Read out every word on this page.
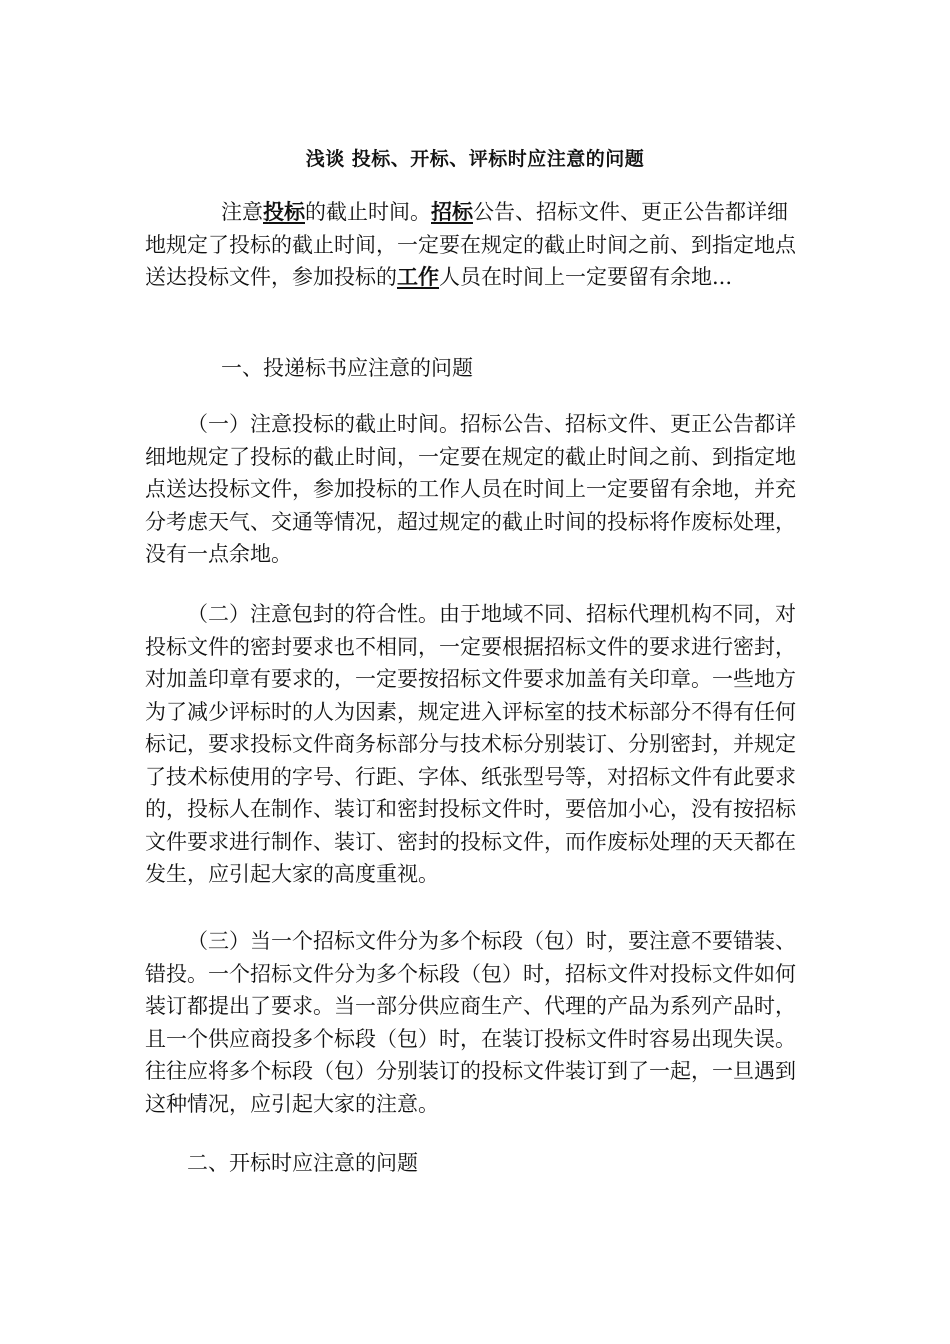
浅谈 投标、开标、评标时应注意的问题

注意投标的截止时间。招标公告、招标文件、更正公告都详细地规定了投标的截止时间，一定要在规定的截止时间之前、到指定地点送达投标文件，参加投标的工作人员在时间上一定要留有余地...

一、投递标书应注意的问题

（一）注意投标的截止时间。招标公告、招标文件、更正公告都详细地规定了投标的截止时间，一定要在规定的截止时间之前、到指定地点送达投标文件，参加投标的工作人员在时间上一定要留有余地，并充分考虑天气、交通等情况，超过规定的截止时间的投标将作废标处理，没有一点余地。

（二）注意包封的符合性。由于地域不同、招标代理机构不同，对投标文件的密封要求也不相同，一定要根据招标文件的要求进行密封，对加盖印章有要求的，一定要按招标文件要求加盖有关印章。一些地方为了减少评标时的人为因素，规定进入评标室的技术标部分不得有任何标记，要求投标文件商务标部分与技术标分别装订、分别密封，并规定了技术标使用的字号、行距、字体、纸张型号等，对招标文件有此要求的，投标人在制作、装订和密封投标文件时，要倍加小心，没有按招标文件要求进行制作、装订、密封的投标文件，而作废标处理的天天都在发生，应引起大家的高度重视。

（三）当一个招标文件分为多个标段（包）时，要注意不要错装、错投。一个招标文件分为多个标段（包）时，招标文件对投标文件如何装订都提出了要求。当一部分供应商生产、代理的产品为系列产品时，且一个供应商投多个标段（包）时，在装订投标文件时容易出现失误。往往应将多个标段（包）分别装订的投标文件装订到了一起，一旦遇到这种情况，应引起大家的注意。

二、开标时应注意的问题
